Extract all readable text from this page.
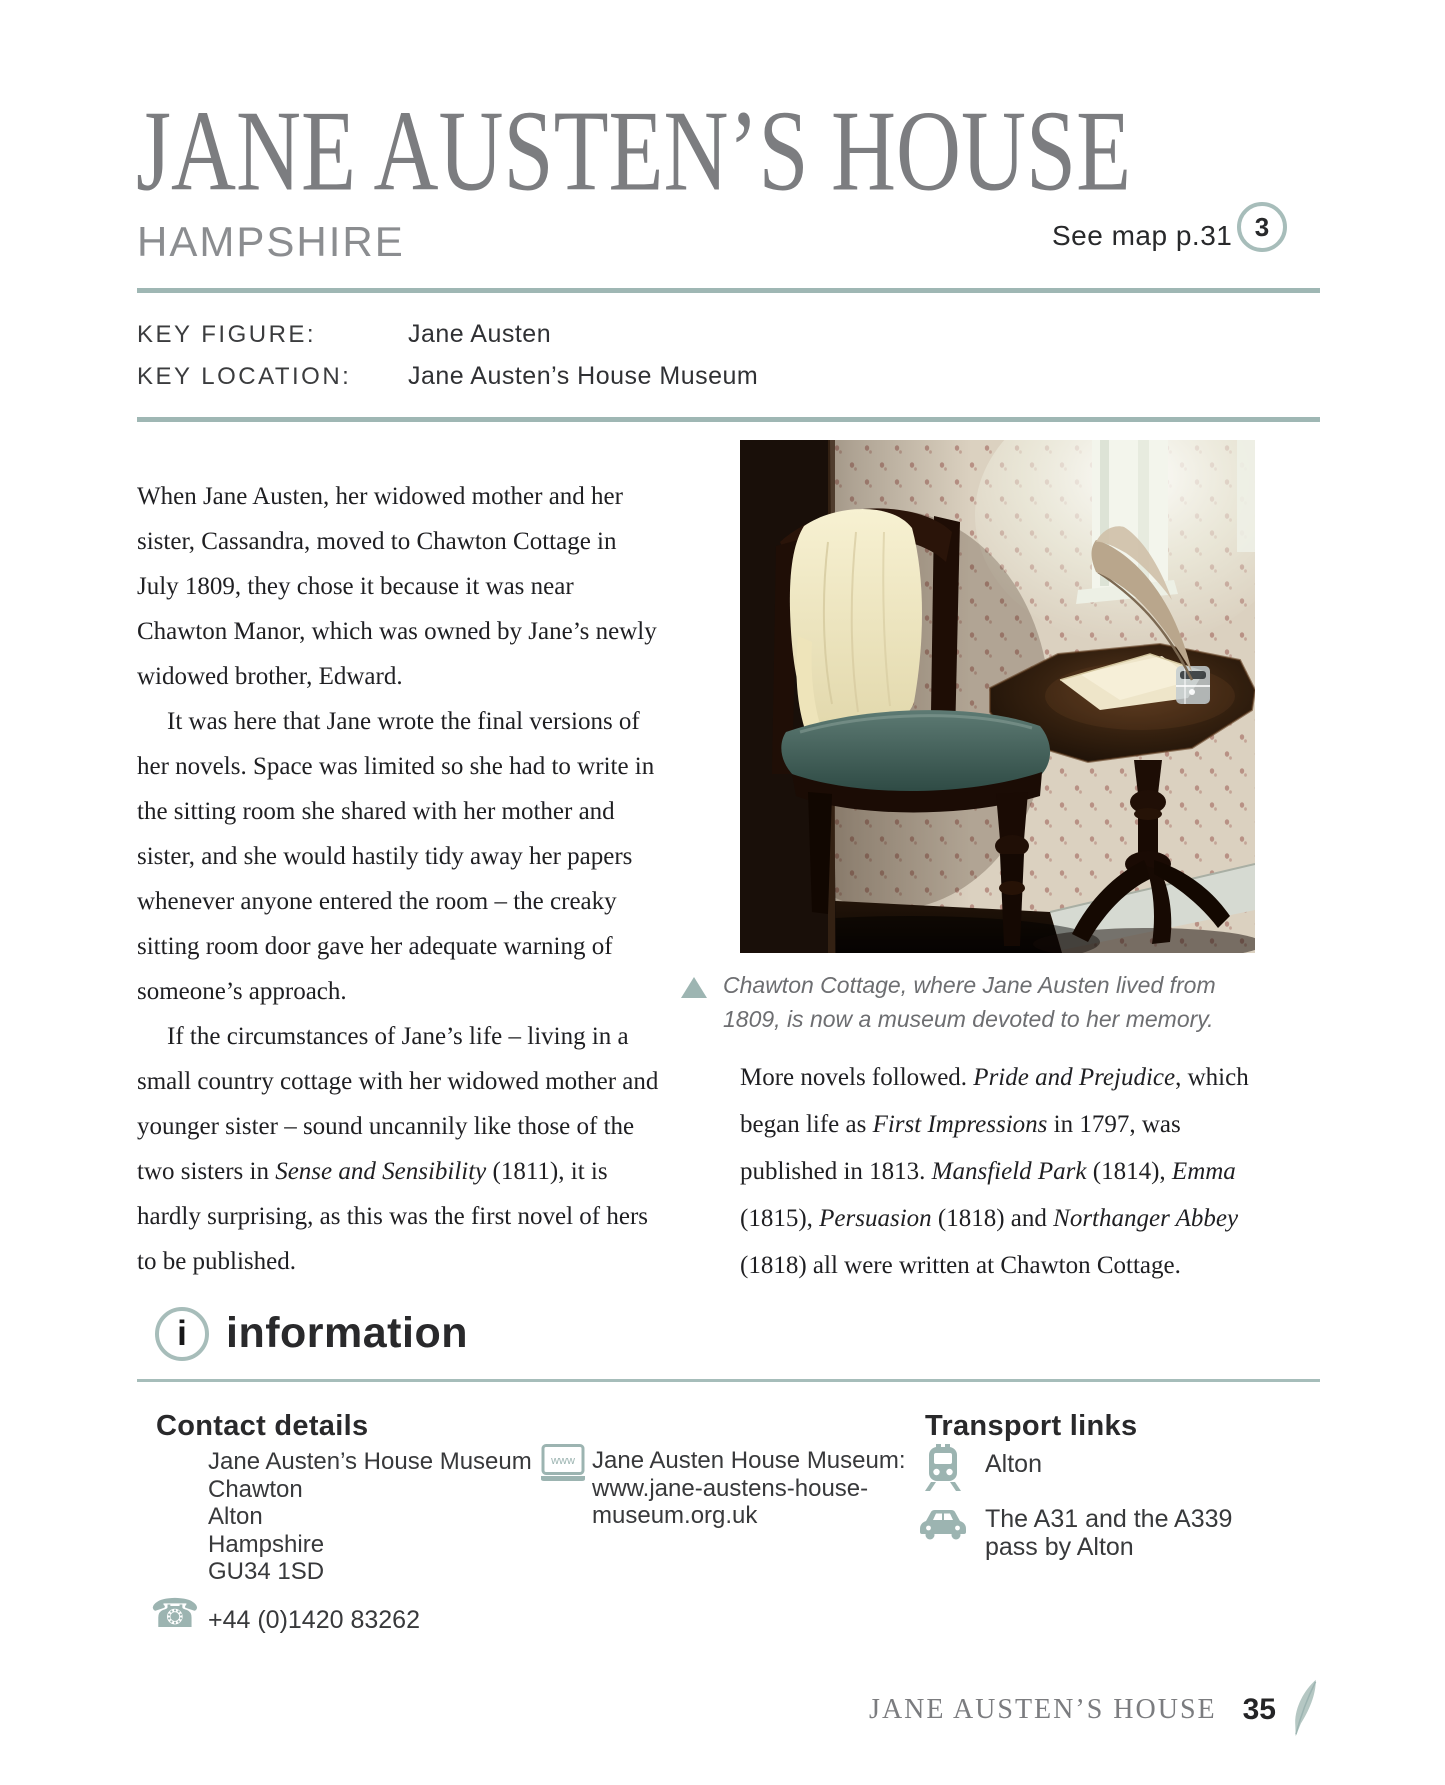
JANE AUSTEN’S HOUSE
HAMPSHIRE	See map p.31 3
KEY FIGURE:	Jane Austen
KEY LOCATION: Jane Austen’s House Museum

When Jane Austen, her widowed mother and her sister, Cassandra, moved to Chawton Cottage in July 1809, they chose it because it was near Chawton Manor, which was owned by Jane’s newly widowed brother, Edward.

It was here that Jane wrote the final versions of her novels. Space was limited so she had to write in the sitting room she shared with her mother and sister, and she would hastily tidy away her papers whenever anyone entered the room – the creaky sitting room door gave her adequate warning of someone’s approach.

If the circumstances of Jane’s life – living in a small country cottage with her widowed mother and younger sister – sound uncannily like those of the two sisters in Sense and Sensibility (1811), it is hardly surprising, as this was the first novel of hers to be published.

Chawton Cottage, where Jane Austen lived from 1809, is now a museum devoted to her memory.

More novels followed. Pride and Prejudice, which began life as First Impressions in 1797, was published in 1813. Mansfield Park (1814), Emma (1815), Persuasion (1818) and Northanger Abbey (1818) all were written at Chawton Cottage.

i information
Contact details
Jane Austen’s House Museum
Chawton
Alton
Hampshire
GU34 1SD
www Jane Austen House Museum:
www.jane-austens-house-
museum.org.uk
☎ +44 (0)1420 83262
Transport links
Alton
The A31 and the A339
pass by Alton
JANE AUSTEN’S HOUSE 35
